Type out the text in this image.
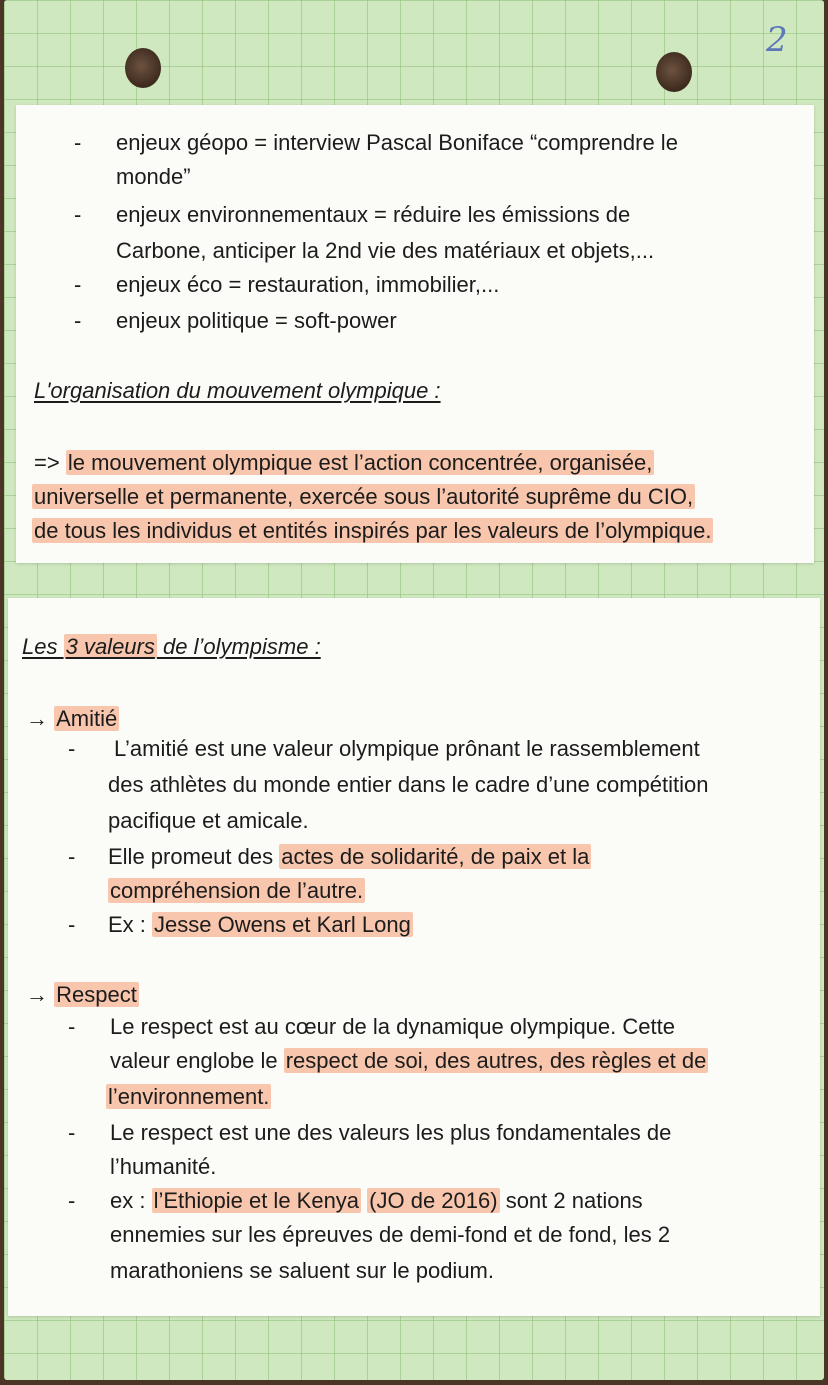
2
- enjeux géopo = interview Pascal Boniface “comprendre le
monde”
- enjeux environnementaux = réduire les émissions de
Carbone, anticiper la 2nd vie des matériaux et objets,...
- enjeux éco = restauration, immobilier,...
- enjeux politique = soft-power
L'organisation du mouvement olympique :
=> le mouvement olympique est l’action concentrée, organisée,
universelle et permanente, exercée sous l’autorité suprême du CIO,
de tous les individus et entités inspirés par les valeurs de l’olympique.
Les 3 valeurs de l’olympisme :
→ Amitié
- L’amitié est une valeur olympique prônant le rassemblement
des athlètes du monde entier dans le cadre d’une compétition
pacifique et amicale.
- Elle promeut des actes de solidarité, de paix et la
compréhension de l’autre.
- Ex : Jesse Owens et Karl Long
→ Respect
- Le respect est au cœur de la dynamique olympique. Cette
valeur englobe le respect de soi, des autres, des règles et de
l’environnement.
- Le respect est une des valeurs les plus fondamentales de
l’humanité.
- ex : l’Ethiopie et le Kenya (JO de 2016) sont 2 nations
ennemies sur les épreuves de demi-fond et de fond, les 2
marathoniens se saluent sur le podium.
